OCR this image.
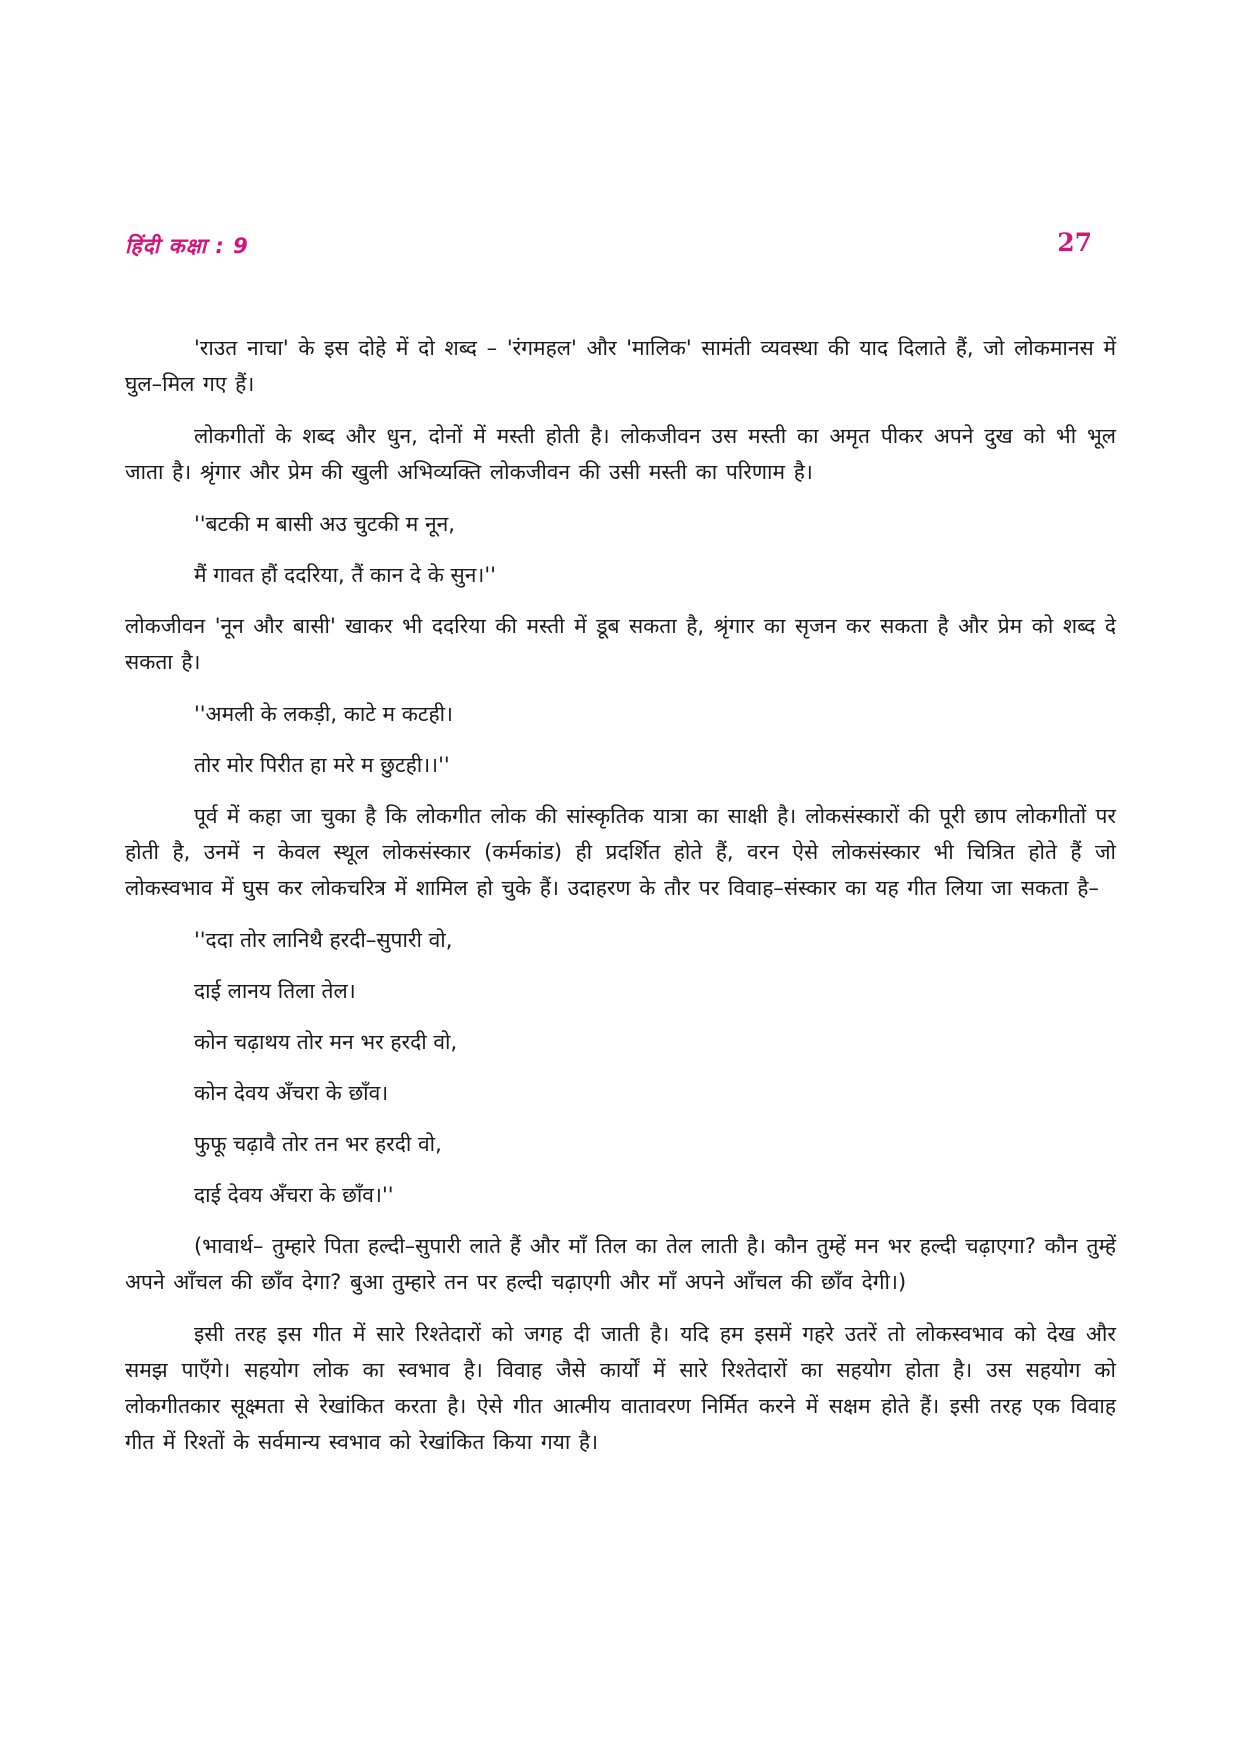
हिंदी कक्षा : 9	27

'राउत नाचा' के इस दोहे में दो शब्द – 'रंगमहल' और 'मालिक' सामंती व्यवस्था की याद दिलाते हैं, जो लोकमानस में घुल–मिल गए हैं।

लोकगीतों के शब्द और धुन, दोनों में मस्ती होती है। लोकजीवन उस मस्ती का अमृत पीकर अपने दुख को भी भूल जाता है। श्रृंगार और प्रेम की खुली अभिव्यक्ति लोकजीवन की उसी मस्ती का परिणाम है।

''बटकी म बासी अउ चुटकी म नून,
मैं गावत हौं ददरिया, तैं कान दे के सुन।''

लोकजीवन 'नून और बासी' खाकर भी ददरिया की मस्ती में डूब सकता है, श्रृंगार का सृजन कर सकता है और प्रेम को शब्द दे सकता है।

''अमली के लकड़ी, काटे म कटही।
तोर मोर पिरीत हा मरे म छुटही।।''

पूर्व में कहा जा चुका है कि लोकगीत लोक की सांस्कृतिक यात्रा का साक्षी है। लोकसंस्कारों की पूरी छाप लोकगीतों पर होती है, उनमें न केवल स्थूल लोकसंस्कार (कर्मकांड) ही प्रदर्शित होते हैं, वरन ऐसे लोकसंस्कार भी चित्रित होते हैं जो लोकस्वभाव में घुस कर लोकचरित्र में शामिल हो चुके हैं। उदाहरण के तौर पर विवाह–संस्कार का यह गीत लिया जा सकता है–

''ददा तोर लानिथै हरदी–सुपारी वो,
दाई लानय तिला तेल।
कोन चढ़ाथय तोर मन भर हरदी वो,
कोन देवय अँचरा के छाँव।
फुफू चढ़ावै तोर तन भर हरदी वो,
दाई देवय अँचरा के छाँव।''

(भावार्थ– तुम्हारे पिता हल्दी–सुपारी लाते हैं और माँ तिल का तेल लाती है। कौन तुम्हें मन भर हल्दी चढ़ाएगा? कौन तुम्हें अपने आँचल की छाँव देगा? बुआ तुम्हारे तन पर हल्दी चढ़ाएगी और माँ अपने आँचल की छाँव देगी।)

इसी तरह इस गीत में सारे रिश्तेदारों को जगह दी जाती है। यदि हम इसमें गहरे उतरें तो लोकस्वभाव को देख और समझ पाएँगे। सहयोग लोक का स्वभाव है। विवाह जैसे कार्यों में सारे रिश्तेदारों का सहयोग होता है। उस सहयोग को लोकगीतकार सूक्ष्मता से रेखांकित करता है। ऐसे गीत आत्मीय वातावरण निर्मित करने में सक्षम होते हैं। इसी तरह एक विवाह गीत में रिश्तों के सर्वमान्य स्वभाव को रेखांकित किया गया है।
